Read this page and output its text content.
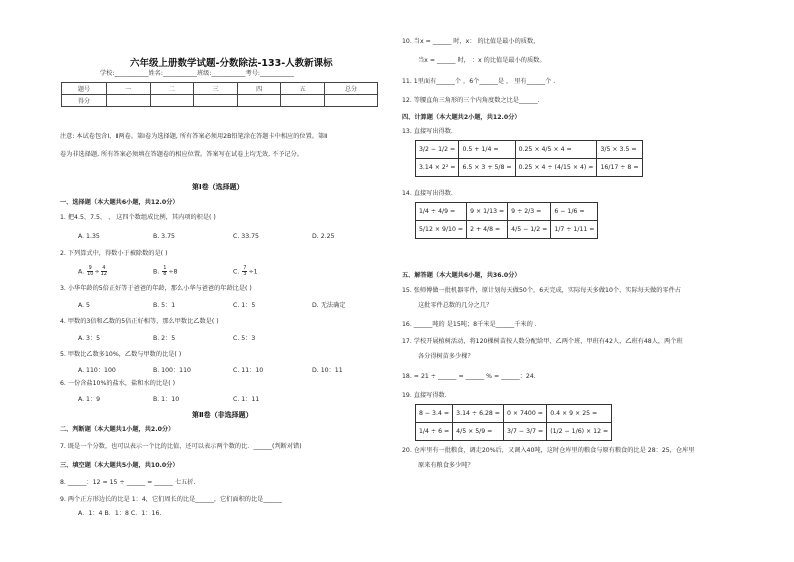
六年级上册数学试题-分数除法-133-人教新课标
学校:___________姓名:___________班级:___________考号:___________
题号	一	二	三	四	五	总分
得分						
注意: 本试卷包含Ⅰ、Ⅱ两卷。第Ⅰ卷为选择题, 所有答案必须用2B铅笔涂在答题卡中相应的位置。第Ⅱ
卷为非选择题, 所有答案必须填在答题卷的相应位置。答案写在试卷上均无效, 不予记分。
第Ⅰ卷（选择题）
一、选择题（本大题共6小题，共12.0分）
1. 把4.5、7.5、 、 这四个数组成比例，其内项的积是( )
A. 1.35	B. 3.75	C. 33.75	D. 2.25
2. 下列算式中，得数小于被除数的是( )
A. $\frac{9}{10} \div \frac{4}{12}$	B. $\frac{1}{8} \div 8$	C. $\frac{7}{3} \div 1$
3. 小华年龄的5倍正好等于爸爸的年龄，那么小华与爸爸的年龄比是( )
A. 5	B. 5：1	C. 1：5	D. 无法确定
4. 甲数的3倍和乙数的5倍正好相等，那么甲数比乙数是( )
A. 3：5	B. 2：5	C. 5：3
5. 甲数比乙数多10%，乙数与甲数的比是( )
A. 110：100	B. 100：110	C. 11：10	D. 10：11
6. 一份含盐10%的盐水，盐和水的比是( )
A. 1：9	B. 1：10	C. 1：11
第Ⅱ卷（非选择题）
二、判断题（本大题共1小题，共2.0分）
7. 既是一个分数，也可以表示一个比的比值，还可以表示两个数的比．______(判断对错)
三、填空题（本大题共5小题，共10.0分）
8. ______：12 = 15 ÷ ______ = ______ 七五折.
9. 两个正方形边长的比是 1：4，它们周长的比是______，它们面积的比是______
A．1：4 B．1：8 C．1：16.
10. 当x = ______ 时，x： 的比值是最小的质数，
当x = ______ 时， ：x 的比值是最小的质数。
11. 1里面有______个 ，6个______是 ， 里有______个 .
12. 等腰直角三角形的三个内角度数之比是______．
四、计算题（本大题共2小题，共12.0分）
13. 直接写出得数.
3/2 − 1/2 =	0.5 + 1/4 =	0.25 × 4/5 × 4 =	3/5 × 3.5 =
3.14 × 2² =	6.5 × 3 + 5/8 =	0.25 × 4 ÷ (4/15 × 4) =	16/17 ÷ 8 =
14. 直接写出得数.
1/4 ÷ 4/9 =	9 × 1/13 =	9 ÷ 2/3 =	6 − 1/6 =
5/12 × 9/10 =	2 + 4/8 =	4/5 − 1/2 =	1/7 ÷ 1/11 =
五、解答题（本大题共6小题，共36.0分）
15. 张师傅做一批机器零件，原计划每天做50个，6天完成，实际每天多做10个，实际每天做的零件占
这批零件总数的几分之几？
16. ______吨的 是15吨；8千米是______千米的 .
17. 学校开展植树活动，将120棵树苗按人数分配给甲、乙两个班，甲班有42人，乙班有48人，两个班
各分得树苗多少棵？
18. = 21 ÷ ______ = ______ % = ______：24.
19. 直接写得数.
8 − 3.4 =	3.14 ÷ 6.28 =	0 × 7400 =	0.4 × 9 × 25 =
1/4 ÷ 6 =	4/5 × 5/9 =	3/7 − 3/7 =	(1/2 − 1/6) × 12 =
20. 仓库里有一批粮食，调走20%后，又调入40吨，这时仓库里的粮食与原有粮食的比是 28：25，仓库里
原来有粮食多少吨？
